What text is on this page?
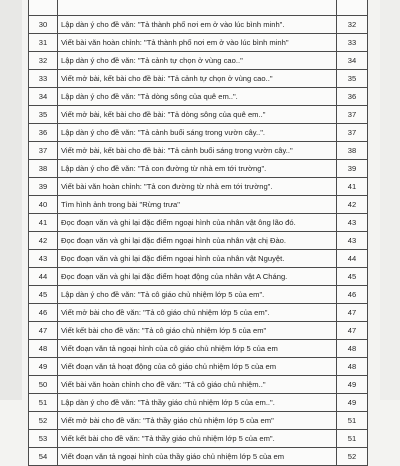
30	Lập dàn ý cho đề văn: "Tả thành phố nơi em ở vào lúc bình minh".	32
31	Viết bài văn hoàn chỉnh: "Tả thành phố nơi em ở vào lúc bình minh"	33
32	Lập dàn ý cho đề văn: "Tả cảnh tự chọn ở vùng cao.."	34
33	Viết mở bài, kết bài cho đề bài: "Tả cảnh tự chọn ở vùng cao.."	35
34	Lập dàn ý cho đề văn: "Tả dòng sông của quê em..".	36
35	Viết mở bài, kết bài cho đề bài: "Tả dòng sông của quê em.."	37
36	Lập dàn ý cho đề văn: "Tả cảnh buổi sáng trong vườn cây..".	37
37	Viết mở bài, kết bài cho đề bài: "Tả cảnh buổi sáng trong vườn cây.."	38
38	Lập dàn ý cho đề văn: "Tả con đường từ nhà em tới trường".	39
39	Viết bài văn hoàn chỉnh: "Tả con đường từ nhà em tới trường".	41
40	Tìm hình ảnh trong bài "Rừng trưa"	42
41	Đọc đoạn văn và ghi lại đặc điểm ngoại hình của nhân vật ông lão đó.	43
42	Đọc đoạn văn và ghi lại đặc điểm ngoại hình của nhân vật chị Đào.	43
43	Đọc đoạn văn và ghi lại đặc điểm ngoại hình của nhân vật Nguyệt.	44
44	Đọc đoạn văn và ghi lại đặc điểm hoạt động của nhân vật A Cháng.	45
45	Lập dàn ý cho đề văn: "Tả cô giáo chủ nhiệm lớp 5 của em".	46
46	Viết mở bài cho đề văn: "Tả cô giáo chủ nhiệm lớp 5 của em".	47
47	Viết kết bài cho đề văn: "Tả cô giáo chủ nhiệm lớp 5 của em"	47
48	Viết đoạn văn tả ngoại hình của cô giáo chủ nhiệm lớp 5 của em	48
49	Viết đoạn văn tả hoạt động của cô giáo chủ nhiệm lớp 5 của em	48
50	Viết bài văn hoàn chỉnh cho đề văn: "Tả cô giáo chủ nhiệm.."	49
51	Lập dàn ý cho đề văn: "Tả thầy giáo chủ nhiệm lớp 5 của em..".	49
52	Viết mở bài cho đề văn: "Tả thầy giáo chủ nhiệm lớp 5 của em"	51
53	Viết kết bài cho đề văn: "Tả thầy giáo chủ nhiệm lớp 5 của em".	51
54	Viết đoạn văn tả ngoại hình của thầy giáo chủ nhiệm lớp 5 của em	52
